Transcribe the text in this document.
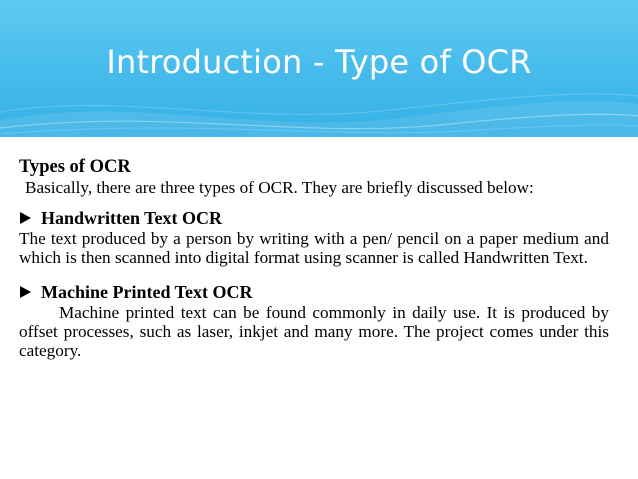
Introduction - Type of OCR

Types of OCR

Basically, there are three types of OCR. They are briefly discussed below:

Handwritten Text OCR

The text produced by a person by writing with a pen/ pencil on a paper medium and which is then scanned into digital format using scanner is called Handwritten Text.

Machine Printed Text OCR

Machine printed text can be found commonly in daily use. It is produced by offset processes, such as laser, inkjet and many more. The project comes under this category.
